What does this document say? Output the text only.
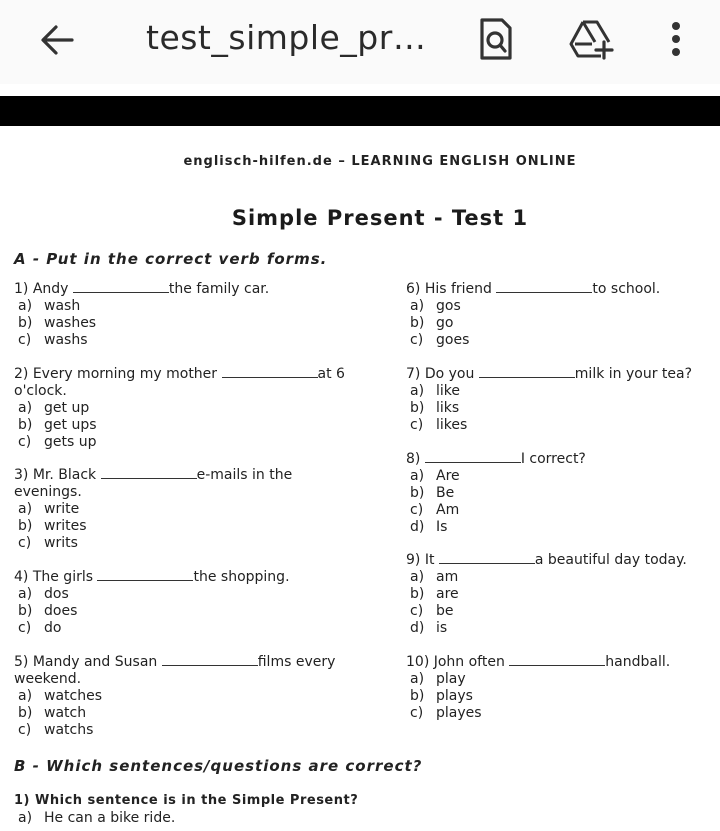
test_simple_pr…
englisch-hilfen.de – LEARNING ENGLISH ONLINE
Simple Present - Test 1
A - Put in the correct verb forms.
1) Andy	the family car.
a) wash
b) washes
c) washs
2) Every morning my mother	at 6
o'clock.
a) get up
b) get ups
c) gets up
3) Mr. Black	e-mails in the
evenings.
a) write
b) writes
c) writs
4) The girls	the shopping.
a) dos
b) does
c) do
5) Mandy and Susan	films every
weekend.
a) watches
b) watch
c) watchs
6) His friend	to school.
a) gos
b) go
c) goes
7) Do you	milk in your tea?
a) like
b) liks
c) likes
8)	I correct?
a) Are
b) Be
c) Am
d) Is
9) It	a beautiful day today.
a) am
b) are
c) be
d) is
10) John often	handball.
a) play
b) plays
c) playes
B - Which sentences/questions are correct?
1) Which sentence is in the Simple Present?
a) He can a bike ride.
